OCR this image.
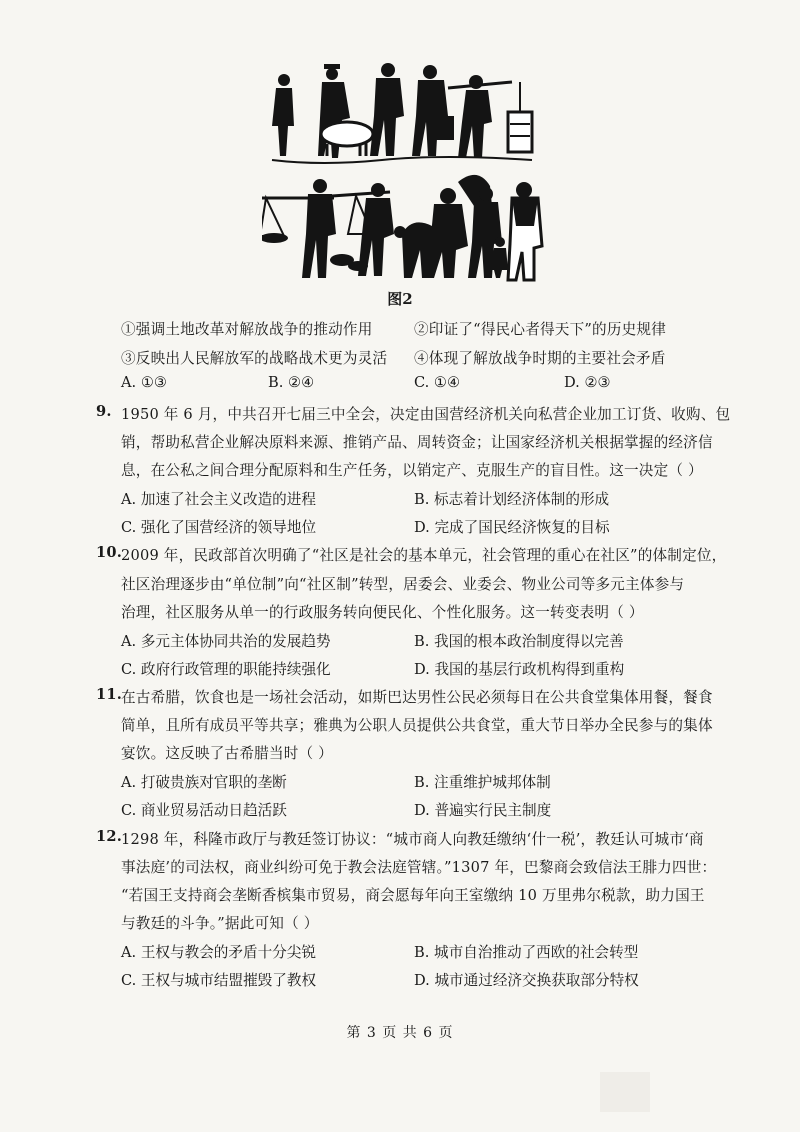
图2
①强调土地改革对解放战争的推动作用	②印证了“得民心者得天下”的历史规律
③反映出人民解放军的战略战术更为灵活 ④体现了解放战争时期的主要社会矛盾
A. ①③	B. ②④	C. ①④	D. ②③
9. 1950 年 6 月，中共召开七届三中全会，决定由国营经济机关向私营企业加工订货、收购、包
销，帮助私营企业解决原料来源、推销产品、周转资金；让国家经济机关根据掌握的经济信
息，在公私之间合理分配原料和生产任务，以销定产、克服生产的盲目性。这一决定（ ）
A. 加速了社会主义改造的进程	B. 标志着计划经济体制的形成
C. 强化了国营经济的领导地位	D. 完成了国民经济恢复的目标
10. 2009 年，民政部首次明确了“社区是社会的基本单元，社会管理的重心在社区”的体制定位，
社区治理逐步由“单位制”向“社区制”转型，居委会、业委会、物业公司等多元主体参与
治理，社区服务从单一的行政服务转向便民化、个性化服务。这一转变表明（ ）
A. 多元主体协同共治的发展趋势	B. 我国的根本政治制度得以完善
C. 政府行政管理的职能持续强化	D. 我国的基层行政机构得到重构
11. 在古希腊，饮食也是一场社会活动，如斯巴达男性公民必须每日在公共食堂集体用餐，餐食
简单，且所有成员平等共享；雅典为公职人员提供公共食堂，重大节日举办全民参与的集体
宴饮。这反映了古希腊当时（ ）
A. 打破贵族对官职的垄断	B. 注重维护城邦体制
C. 商业贸易活动日趋活跃	D. 普遍实行民主制度
12. 1298 年，科隆市政厅与教廷签订协议：“城市商人向教廷缴纳‘什一税’，教廷认可城市‘商
事法庭’的司法权，商业纠纷可免于教会法庭管辖。”1307 年，巴黎商会致信法王腓力四世：
“若国王支持商会垄断香槟集市贸易，商会愿每年向王室缴纳 10 万里弗尔税款，助力国王
与教廷的斗争。”据此可知（ ）
A. 王权与教会的矛盾十分尖锐	B. 城市自治推动了西欧的社会转型
C. 王权与城市结盟摧毁了教权	D. 城市通过经济交换获取部分特权
第 3 页 共 6 页
